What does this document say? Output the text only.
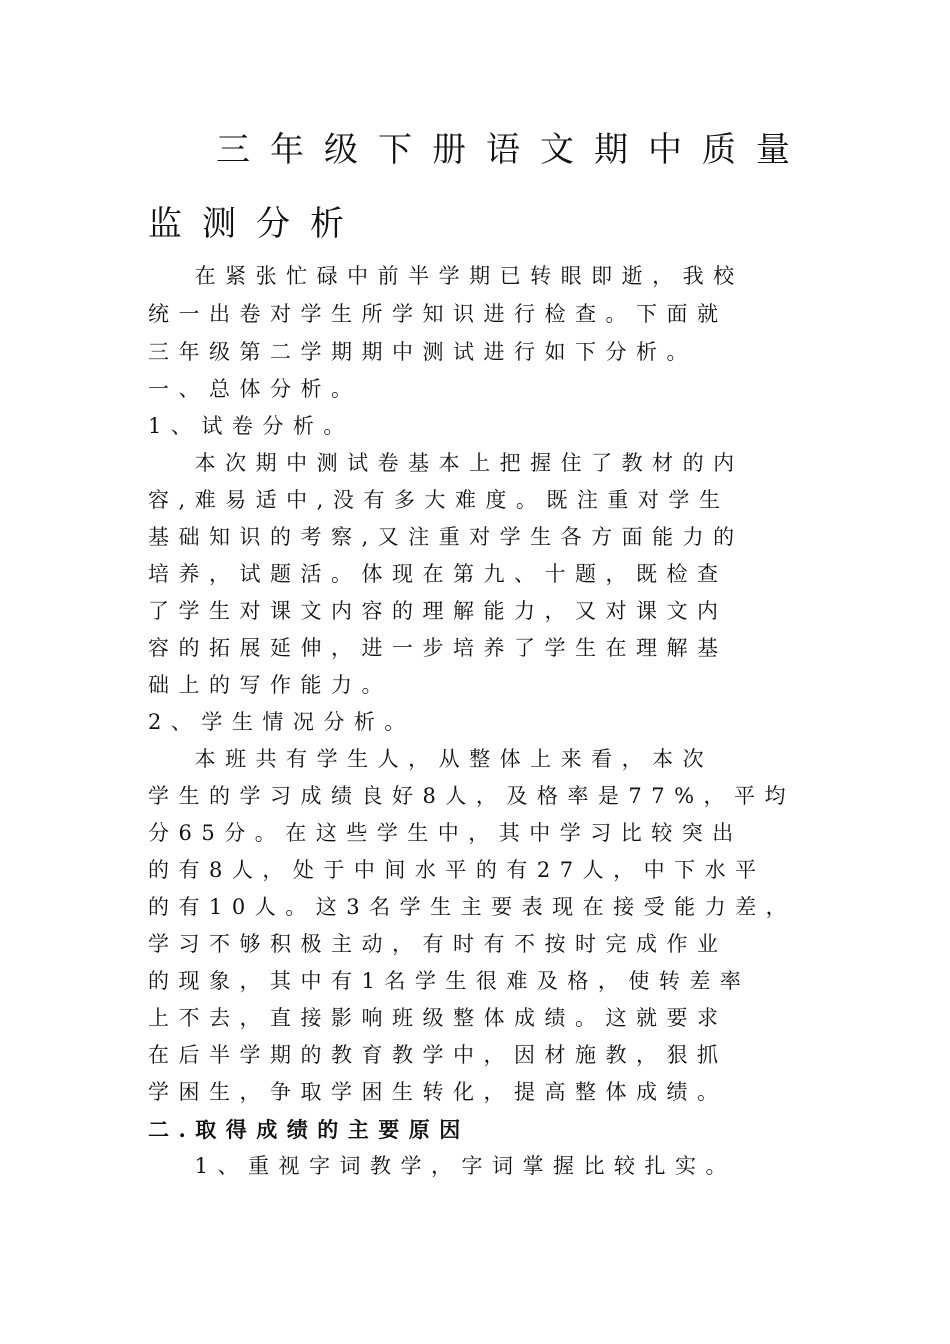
三年级下册语文期中质量
监测分析
　 在紧张忙碌中前半学期已转眼即逝，我校
统一出卷对学生所学知识进行检查。下面就
三年级第二学期期中测试进行如下分析。
一、总体分析。
1、试卷分析。
　 本次期中测试卷基本上把握住了教材的内
容,难易适中,没有多大难度。既注重对学生
基础知识的考察,又注重对学生各方面能力的
培养，试题活。体现在第九、十题，既检查
了学生对课文内容的理解能力，又对课文内
容的拓展延伸，进一步培养了学生在理解基
础上的写作能力。
2、学生情况分析。
　 本班共有学生人，从整体上来看，本次
学生的学习成绩良好8人，及格率是77%，平均
分65分。在这些学生中，其中学习比较突出
的有8人，处于中间水平的有27人，中下水平
的有10人。这3名学生主要表现在接受能力差，
学习不够积极主动，有时有不按时完成作业
的现象，其中有1名学生很难及格，使转差率
上不去，直接影响班级整体成绩。这就要求
在后半学期的教育教学中，因材施教，狠抓
学困生，争取学困生转化，提高整体成绩。
二.取得成绩的主要原因
　 1、重视字词教学，字词掌握比较扎实。
